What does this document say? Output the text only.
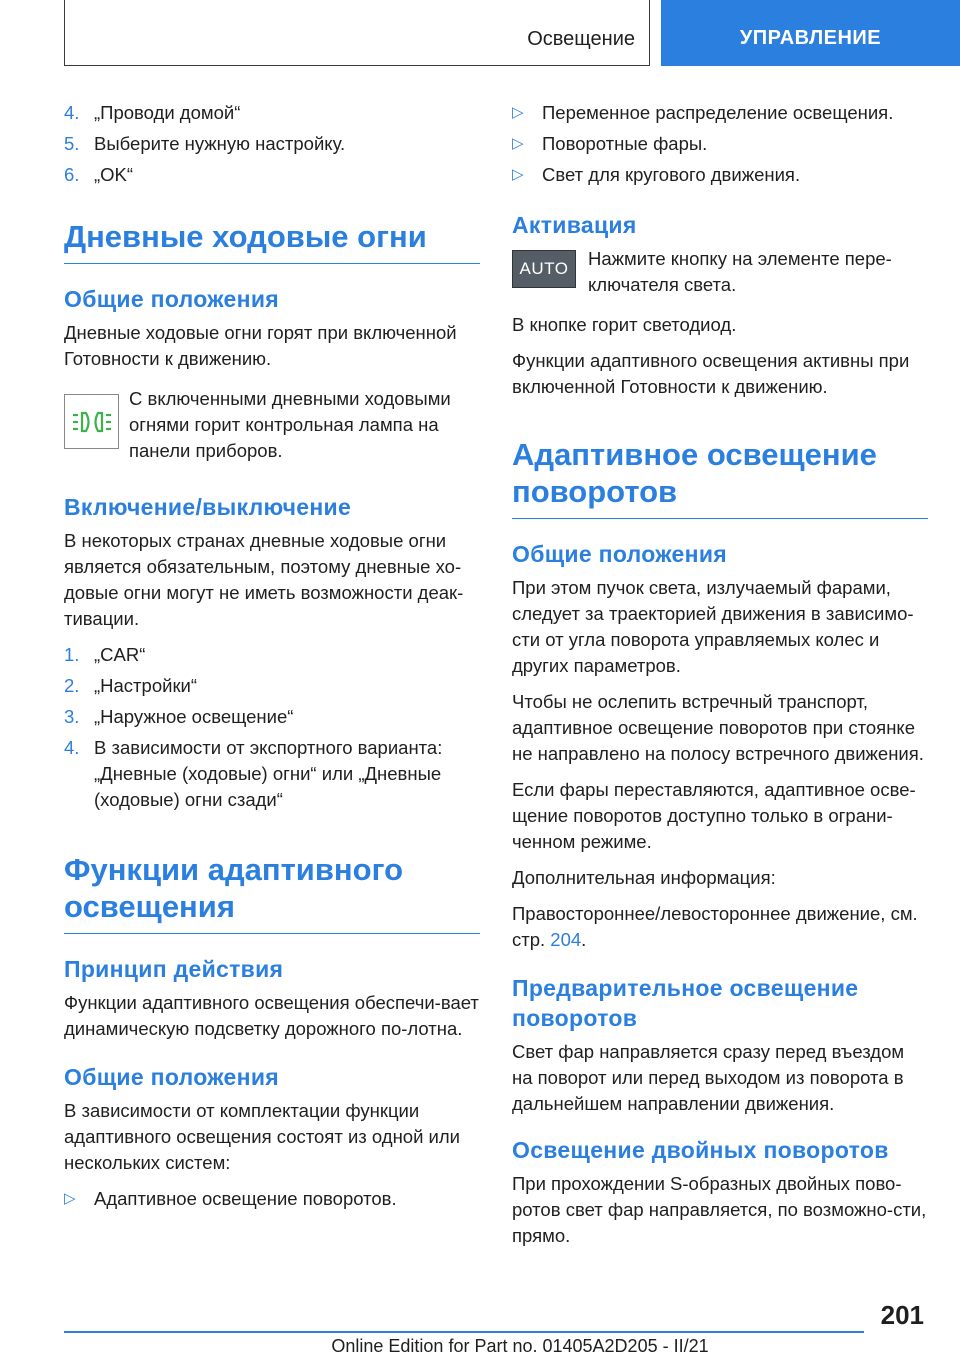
Освещение	УПРАВЛЕНИЕ
4. „Проводи домой“
5. Выберите нужную настройку.
6. „OK“
Дневные ходовые огни
Общие положения

Дневные ходовые огни горят при включенной Готовности к движению.

С включенными дневными ходовыми огнями горит контрольная лампа на панели приборов.

Включение/выключение

В некоторых странах дневные ходовые огни является обязательным, поэтому дневные хо‐довые огни могут не иметь возможности деак‐тивации.

1. „CAR“
2. „Настройки“
3. „Наружное освещение“
4. В зависимости от экспортного варианта: „Дневные (ходовые) огни“ или „Дневные (ходовые) огни сзади“
Функции адаптивного освещения
Принцип действия

Функции адаптивного освещения обеспечи‐вает динамическую подсветку дорожного по‐лотна.

Общие положения

В зависимости от комплектации функции адаптивного освещения состоят из одной или нескольких систем:

▷ Адаптивное освещение поворотов.
▷ Переменное распределение освещения.
▷ Поворотные фары.
▷ Свет для кругового движения.
Активация
AUTO	Нажмите кнопку на элементе пере‐ключателя света.

В кнопке горит светодиод.

Функции адаптивного освещения активны при включенной Готовности к движению.

Адаптивное освещение поворотов
Общие положения

При этом пучок света, излучаемый фарами, следует за траекторией движения в зависимо‐сти от угла поворота управляемых колес и других параметров.

Чтобы не ослепить встречный транспорт, адаптивное освещение поворотов при стоянке не направлено на полосу встречного движения.

Если фары переставляются, адаптивное осве‐щение поворотов доступно только в ограни‐ченном режиме.

Дополнительная информация:

Правостороннее/левостороннее движение, см. стр. 204.

Предварительное освещение поворотов

Свет фар направляется сразу перед въездом на поворот или перед выходом из поворота в дальнейшем направлении движения.

Освещение двойных поворотов

При прохождении S-образных двойных пово‐ротов свет фар направляется, по возможно‐сти, прямо.

201
Online Edition for Part no. 01405A2D205 - II/21
